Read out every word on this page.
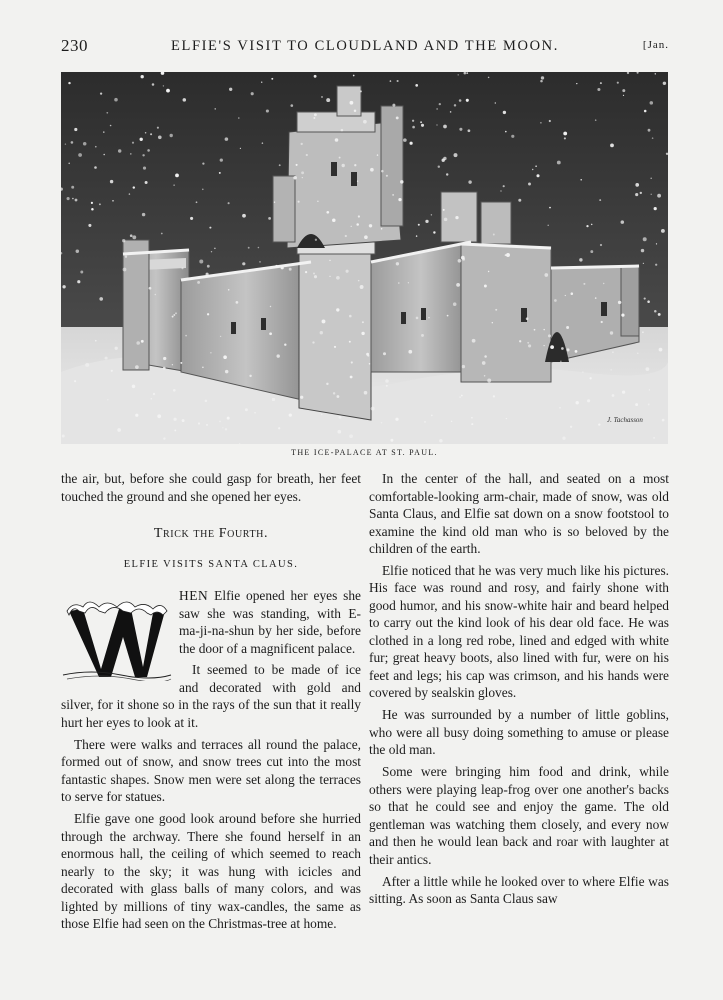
230	ELFIE'S VISIT TO CLOUDLAND AND THE MOON.	[Jan.
J. Tachasson
THE ICE-PALACE AT ST. PAUL.

the air, but, before she could gasp for breath, her feet touched the ground and she opened her eyes.

Trick the Fourth.
ELFIE VISITS SANTA CLAUS.

W	HEN Elfie opened her eyes she saw she was standing, with E-ma-ji-na-shun by her side, before the door of a magnificent palace.

It seemed to be made of ice and decorated with gold and silver, for it shone so in the rays of the sun that it really hurt her eyes to look at it.

There were walks and terraces all round the palace, formed out of snow, and snow trees cut into the most fantastic shapes. Snow men were set along the terraces to serve for statues.

Elfie gave one good look around before she hurried through the archway. There she found herself in an enormous hall, the ceiling of which seemed to reach nearly to the sky; it was hung with icicles and decorated with glass balls of many colors, and was lighted by millions of tiny wax-candles, the same as those Elfie had seen on the Christmas-tree at home.

In the center of the hall, and seated on a most comfortable-looking arm-chair, made of snow, was old Santa Claus, and Elfie sat down on a snow footstool to examine the kind old man who is so beloved by the children of the earth.

Elfie noticed that he was very much like his pictures. His face was round and rosy, and fairly shone with good humor, and his snow-white hair and beard helped to carry out the kind look of his dear old face. He was clothed in a long red robe, lined and edged with white fur; great heavy boots, also lined with fur, were on his feet and legs; his cap was crimson, and his hands were covered by sealskin gloves.

He was surrounded by a number of little goblins, who were all busy doing something to amuse or please the old man.

Some were bringing him food and drink, while others were playing leap-frog over one another's backs so that he could see and enjoy the game. The old gentleman was watching them closely, and every now and then he would lean back and roar with laughter at their antics.

After a little while he looked over to where Elfie was sitting. As soon as Santa Claus saw
